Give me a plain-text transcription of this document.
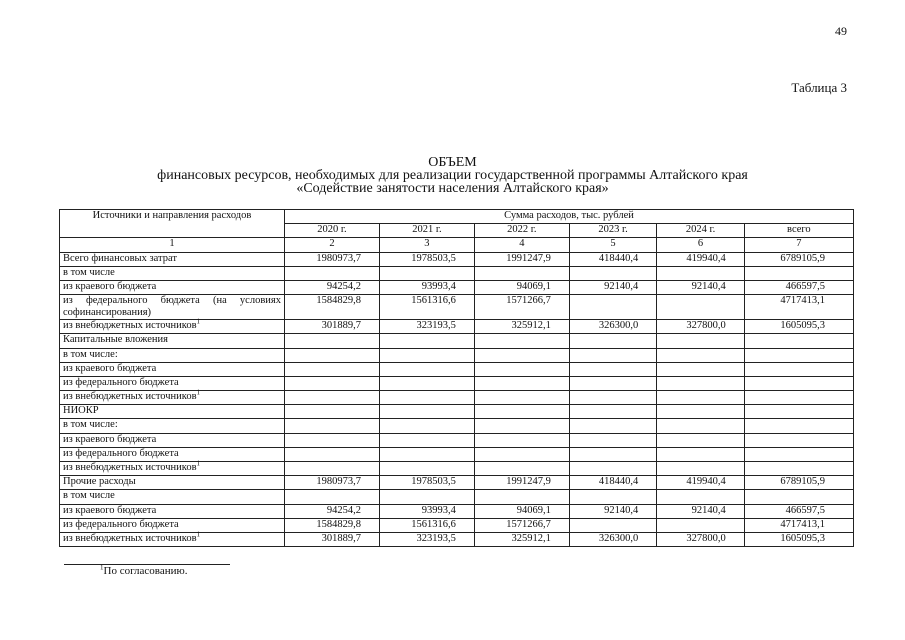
49
Таблица 3
ОБЪЕМ
финансовых ресурсов, необходимых для реализации государственной программы Алтайского края
«Содействие занятости населения Алтайского края»
Источники и направления расходов	Сумма расходов, тыс. рублей					
	2020 г.	2021 г.	2022 г.	2023 г.	2024 г.	всего
1	2	3	4	5	6	7
Всего финансовых затрат	1980973,7	1978503,5	1991247,9	418440,4	419940,4	6789105,9
в том числе						
из краевого бюджета	94254,2	93993,4	94069,1	92140,4	92140,4	466597,5
из федерального бюджета (на условиях софинансирования)	1584829,8	1561316,6	1571266,7			4717413,1
из внебюджетных источников$^1$	301889,7	323193,5	325912,1	326300,0	327800,0	1605095,3
Капитальные вложения						
в том числе:						
из краевого бюджета						
из федерального бюджета						
из внебюджетных источников$^1$						
НИОКР						
в том числе:						
из краевого бюджета						
из федерального бюджета						
из внебюджетных источников$^1$						
Прочие расходы	1980973,7	1978503,5	1991247,9	418440,4	419940,4	6789105,9
в том числе						
из краевого бюджета	94254,2	93993,4	94069,1	92140,4	92140,4	466597,5
из федерального бюджета	1584829,8	1561316,6	1571266,7			4717413,1
из внебюджетных источников$^1$	301889,7	323193,5	325912,1	326300,0	327800,0	1605095,3
$^1$По согласованию.
